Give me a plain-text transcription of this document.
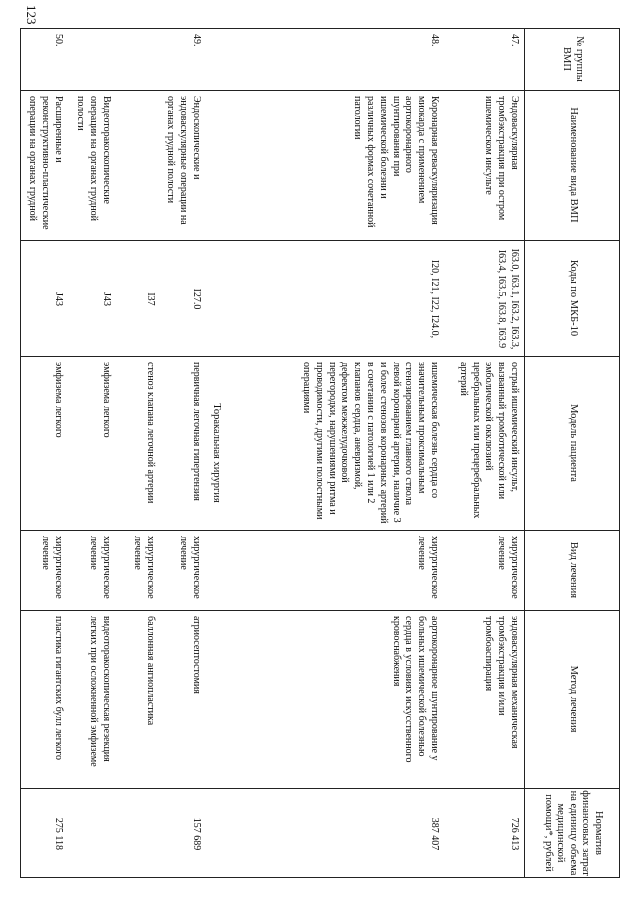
123
№ группы ВМП
Наименование вида ВМП
Коды по МКБ-10
Модель пациента
Вид лечения
Метод лечения
Норматив финансовых затрат на единицу объема медицинской помощи*, рублей
47.
Эндоваскулярная тромбэкстракция при остром ишемическом инсульте
I63.0, I63.1, I63.2, I63.3, I63.4, I63.5, I63.8, I63.9
острый ишемический инсульт, вызванный тромботической или эмболической окклюзией церебральных или прецеребральных артерий
хирургическое лечение
эндоваскулярная механическая тромбэкстракция и/или тромбоаспирация
726 413
48.
Коронарная реваскуляризация миокарда с применением аортокоронарного шунтирования при ишемической болезни и различных формах сочетанной патологии
I20, I21, I22, I24.0,
ишемическая болезнь сердца со значительным проксимальным стенозированием главного ствола левой коронарной артерии, наличие 3 и более стенозов коронарных артерий в сочетании с патологией 1 или 2 клапанов сердца, аневризмой, дефектом межжелудочковой перегородки, нарушениями ритма и проводимости, другими полостными операциями
хирургическое лечение
аортокоронарное шунтирование у больных ишемической болезнью сердца в условиях искусственного кровоснабжения
387 407
Торакальная хирургия
49.
Эндоскопические и эндоваскулярные операции на органах грудной полости
I27.0
первичная легочная гипертензия
хирургическое лечение
атриосептостомия
157 689
I37
стеноз клапана легочной артерии
хирургическое лечение
баллонная ангиопластика
Видеоторакоскопические операции на органах грудной полости
J43
эмфизема легкого
хирургическое лечение
видеоторакоскопическая резекция легких при осложненной эмфиземе
50.
Расширенные и реконструктивно-пластические операции на органах грудной
J43
эмфизема легкого
хирургическое лечение
пластика гигантских булл легкого
275 118
